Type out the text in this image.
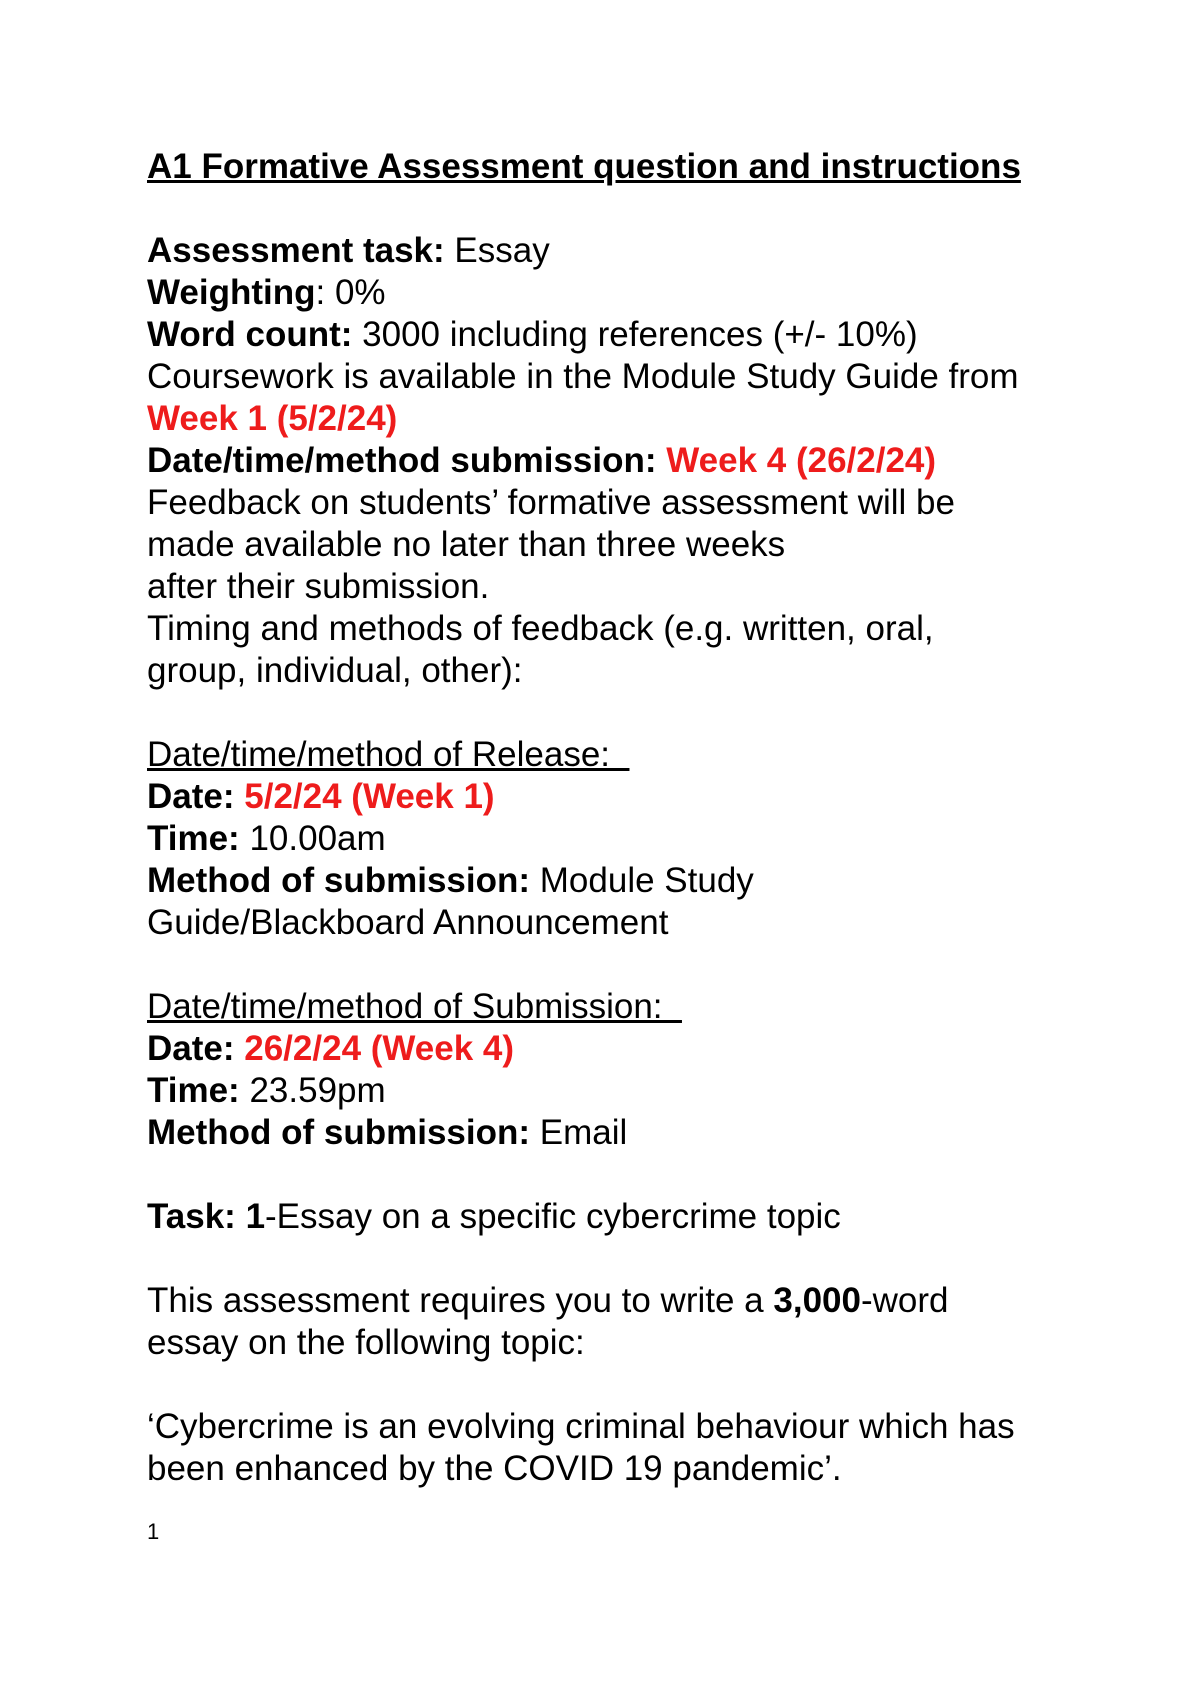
A1 Formative Assessment question and instructions

Assessment task: Essay

Weighting: 0%

Word count: 3000 including references (+/- 10%)

Coursework is available in the Module Study Guide from

Week 1 (5/2/24)

Date/time/method submission: Week 4 (26/2/24)

Feedback on students’ formative assessment will be

made available no later than three weeks

after their submission.

Timing and methods of feedback (e.g. written, oral,

group, individual, other):

Date/time/method of Release:

Date: 5/2/24 (Week 1)

Time: 10.00am

Method of submission: Module Study

Guide/Blackboard Announcement

Date/time/method of Submission:

Date: 26/2/24 (Week 4)

Time: 23.59pm

Method of submission: Email

Task: 1-Essay on a specific cybercrime topic

This assessment requires you to write a 3,000-word

essay on the following topic:

‘Cybercrime is an evolving criminal behaviour which has

been enhanced by the COVID 19 pandemic’.

1
